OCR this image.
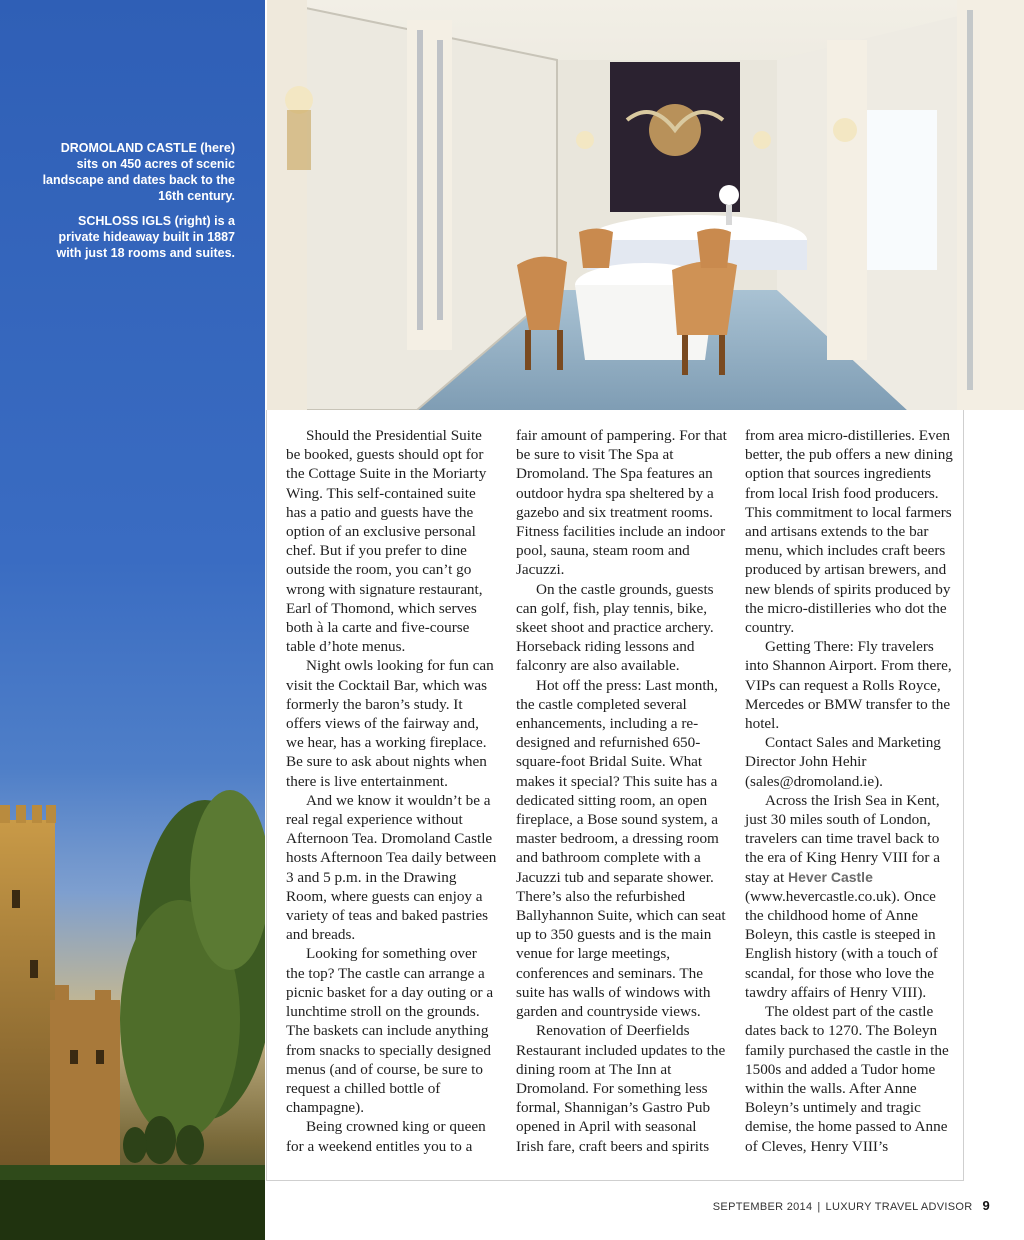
DROMOLAND CASTLE (here) sits on 450 acres of scenic landscape and dates back to the 16th century.

SCHLOSS IGLS (right) is a private hideaway built in 1887 with just 18 rooms and suites.

Should the Presidential Suite be booked, guests should opt for the Cottage Suite in the Moriarty Wing. This self-contained suite has a patio and guests have the option of an exclusive personal chef. But if you prefer to dine outside the room, you can’t go wrong with signature restaurant, Earl of Thomond, which serves both à la carte and five-course table d’hote menus.

Night owls looking for fun can visit the Cocktail Bar, which was formerly the baron’s study. It offers views of the fairway and, we hear, has a working fireplace. Be sure to ask about nights when there is live entertainment.

And we know it wouldn’t be a real regal experience without Afternoon Tea. Dromoland Castle hosts Afternoon Tea daily between 3 and 5 p.m. in the Drawing Room, where guests can enjoy a variety of teas and baked pastries and breads.

Looking for something over the top? The castle can arrange a picnic basket for a day outing or a lunchtime stroll on the grounds. The baskets can include anything from snacks to specially designed menus (and of course, be sure to request a chilled bottle of champagne).

Being crowned king or queen for a weekend entitles you to a

fair amount of pampering. For that be sure to visit The Spa at Dromoland. The Spa features an outdoor hydra spa sheltered by a gazebo and six treatment rooms. Fitness facilities include an indoor pool, sauna, steam room and Jacuzzi.

On the castle grounds, guests can golf, fish, play tennis, bike, skeet shoot and practice archery. Horseback riding lessons and falconry are also available.

Hot off the press: Last month, the castle completed several enhancements, including a re-designed and refurnished 650-square-foot Bridal Suite. What makes it special? This suite has a dedicated sitting room, an open fireplace, a Bose sound system, a master bedroom, a dressing room and bathroom complete with a Jacuzzi tub and separate shower. There’s also the refurbished Ballyhannon Suite, which can seat up to 350 guests and is the main venue for large meetings, conferences and seminars. The suite has walls of windows with garden and countryside views.

Renovation of Deerfields Restaurant included updates to the dining room at The Inn at Dromoland. For something less formal, Shannigan’s Gastro Pub opened in April with seasonal Irish fare, craft beers and spirits

from area micro-distilleries. Even better, the pub offers a new dining option that sources ingredients from local Irish food producers. This commitment to local farmers and artisans extends to the bar menu, which includes craft beers produced by artisan brewers, and new blends of spirits produced by the micro-distilleries who dot the country.

Getting There: Fly travelers into Shannon Airport. From there, VIPs can request a Rolls Royce, Mercedes or BMW transfer to the hotel.

Contact Sales and Marketing Director John Hehir (sales@dromoland.ie).

Across the Irish Sea in Kent, just 30 miles south of London, travelers can time travel back to the era of King Henry VIII for a stay at Hever Castle (www.hevercastle.co.uk). Once the childhood home of Anne Boleyn, this castle is steeped in English history (with a touch of scandal, for those who love the tawdry affairs of Henry VIII).

The oldest part of the castle dates back to 1270. The Boleyn family purchased the castle in the 1500s and added a Tudor home within the walls. After Anne Boleyn’s untimely and tragic demise, the home passed to Anne of Cleves, Henry VIII’s

SEPTEMBER 2014 | LUXURY TRAVEL ADVISOR 9
